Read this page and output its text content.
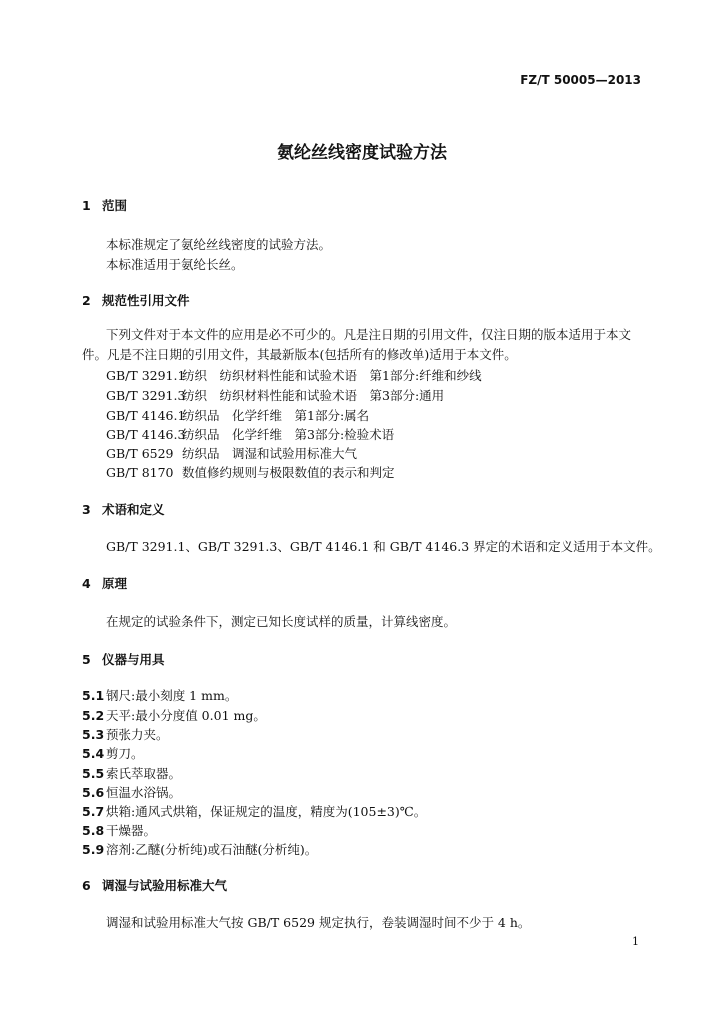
FZ/T 50005—2013
氨纶丝线密度试验方法
1 范围
本标准规定了氨纶丝线密度的试验方法。
本标准适用于氨纶长丝。
2 规范性引用文件
下列文件对于本文件的应用是必不可少的。凡是注日期的引用文件，仅注日期的版本适用于本文件。凡是不注日期的引用文件，其最新版本(包括所有的修改单)适用于本文件。
GB/T 3291.1纺织　纺织材料性能和试验术语　第1部分:纤维和纱线
GB/T 3291.3纺织　纺织材料性能和试验术语　第3部分:通用
GB/T 4146.1纺织品　化学纤维　第1部分:属名
GB/T 4146.3纺织品　化学纤维　第3部分:检验术语
GB/T 6529 纺织品　调湿和试验用标准大气
GB/T 8170 数值修约规则与极限数值的表示和判定
3 术语和定义
GB/T 3291.1、GB/T 3291.3、GB/T 4146.1 和 GB/T 4146.3 界定的术语和定义适用于本文件。
4 原理
在规定的试验条件下，测定已知长度试样的质量，计算线密度。
5 仪器与用具
5.1 钢尺:最小刻度 1 mm。
5.2 天平:最小分度值 0.01 mg。
5.3 预张力夹。
5.4 剪刀。
5.5 索氏萃取器。
5.6 恒温水浴锅。
5.7 烘箱:通风式烘箱，保证规定的温度，精度为(105±3)℃。
5.8 干燥器。
5.9 溶剂:乙醚(分析纯)或石油醚(分析纯)。
6 调湿与试验用标准大气
调湿和试验用标准大气按 GB/T 6529 规定执行，卷装调湿时间不少于 4 h。
1
